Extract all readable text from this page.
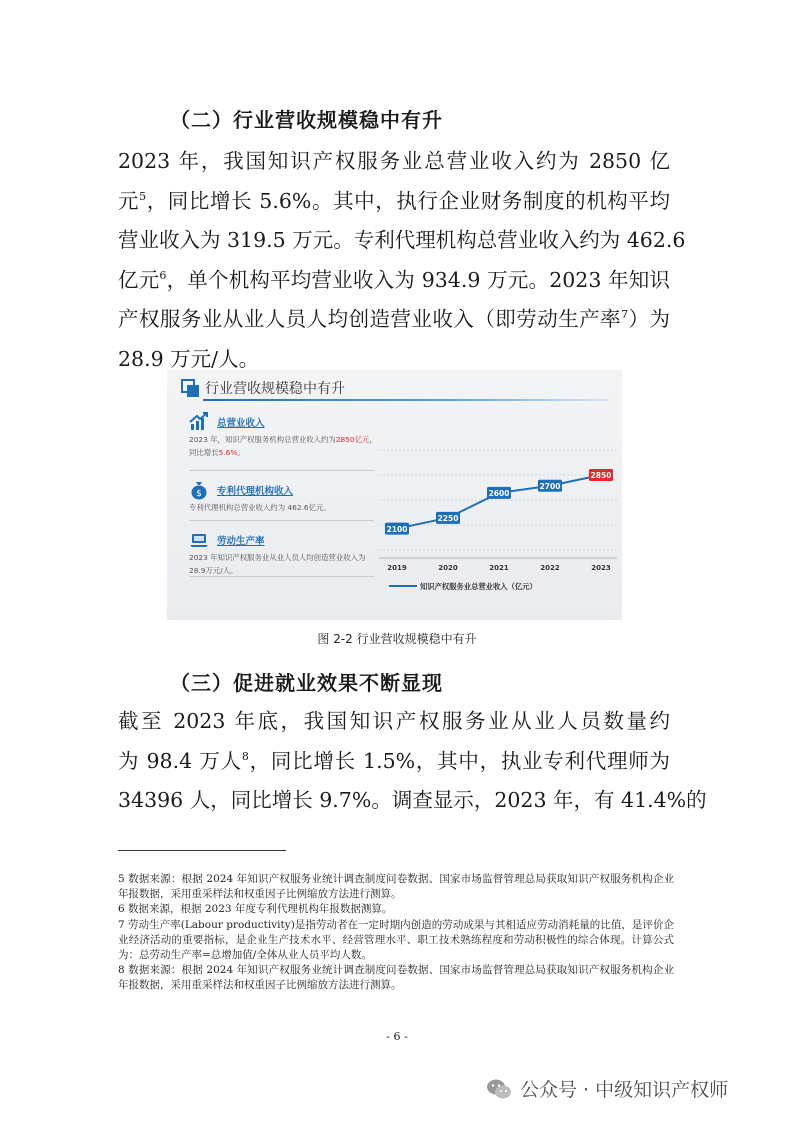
（二）行业营收规模稳中有升
2023 年，我国知识产权服务业总营业收入约为 2850 亿
元$^5$，同比增长 5.6%。其中，执行企业财务制度的机构平均
营业收入为 319.5 万元。专利代理机构总营业收入约为 462.6
亿元$^6$，单个机构平均营业收入为 934.9 万元。2023 年知识
产权服务业从业人员人均创造营业收入（即劳动生产率$^7$）为
28.9 万元/人。
行业营收规模稳中有升
总营业收入
2023 年，知识产权服务机构总营业收入约为2850亿元，同比增长5.6%。
$ 专利代理机构收入
专利代理机构总营业收入约为 462.6亿元。
劳动生产率
2023 年知识产权服务业从业人员人均创造营业收入为 28.9万元/人。
2100
2019
2250
2020
2600
2021
2700
2022
2850
2023
知识产权服务业总营业收入（亿元）
图 2-2 行业营收规模稳中有升
（三）促进就业效果不断显现
截至 2023 年底，我国知识产权服务业从业人员数量约
为 98.4 万人$^8$，同比增长 1.5%，其中，执业专利代理师为
34396 人，同比增长 9.7%。调查显示，2023 年，有 41.4%的

5 数据来源：根据 2024 年知识产权服务业统计调查制度问卷数据、国家市场监督管理总局获取知识产权服务机构企业年报数据，采用重采样法和权重因子比例缩放方法进行测算。

6 数据来源，根据 2023 年度专利代理机构年报数据测算。

7 劳动生产率(Labour productivity)是指劳动者在一定时期内创造的劳动成果与其相适应劳动消耗量的比值，是评价企业经济活动的重要指标，是企业生产技术水平、经营管理水平、职工技术熟练程度和劳动积极性的综合体现。计算公式为：总劳动生产率=总增加值/全体从业人员平均人数。

8 数据来源：根据 2024 年知识产权服务业统计调查制度问卷数据、国家市场监督管理总局获取知识产权服务机构企业年报数据，采用重采样法和权重因子比例缩放方法进行测算。

- 6 -
公众号 · 中级知识产权师
